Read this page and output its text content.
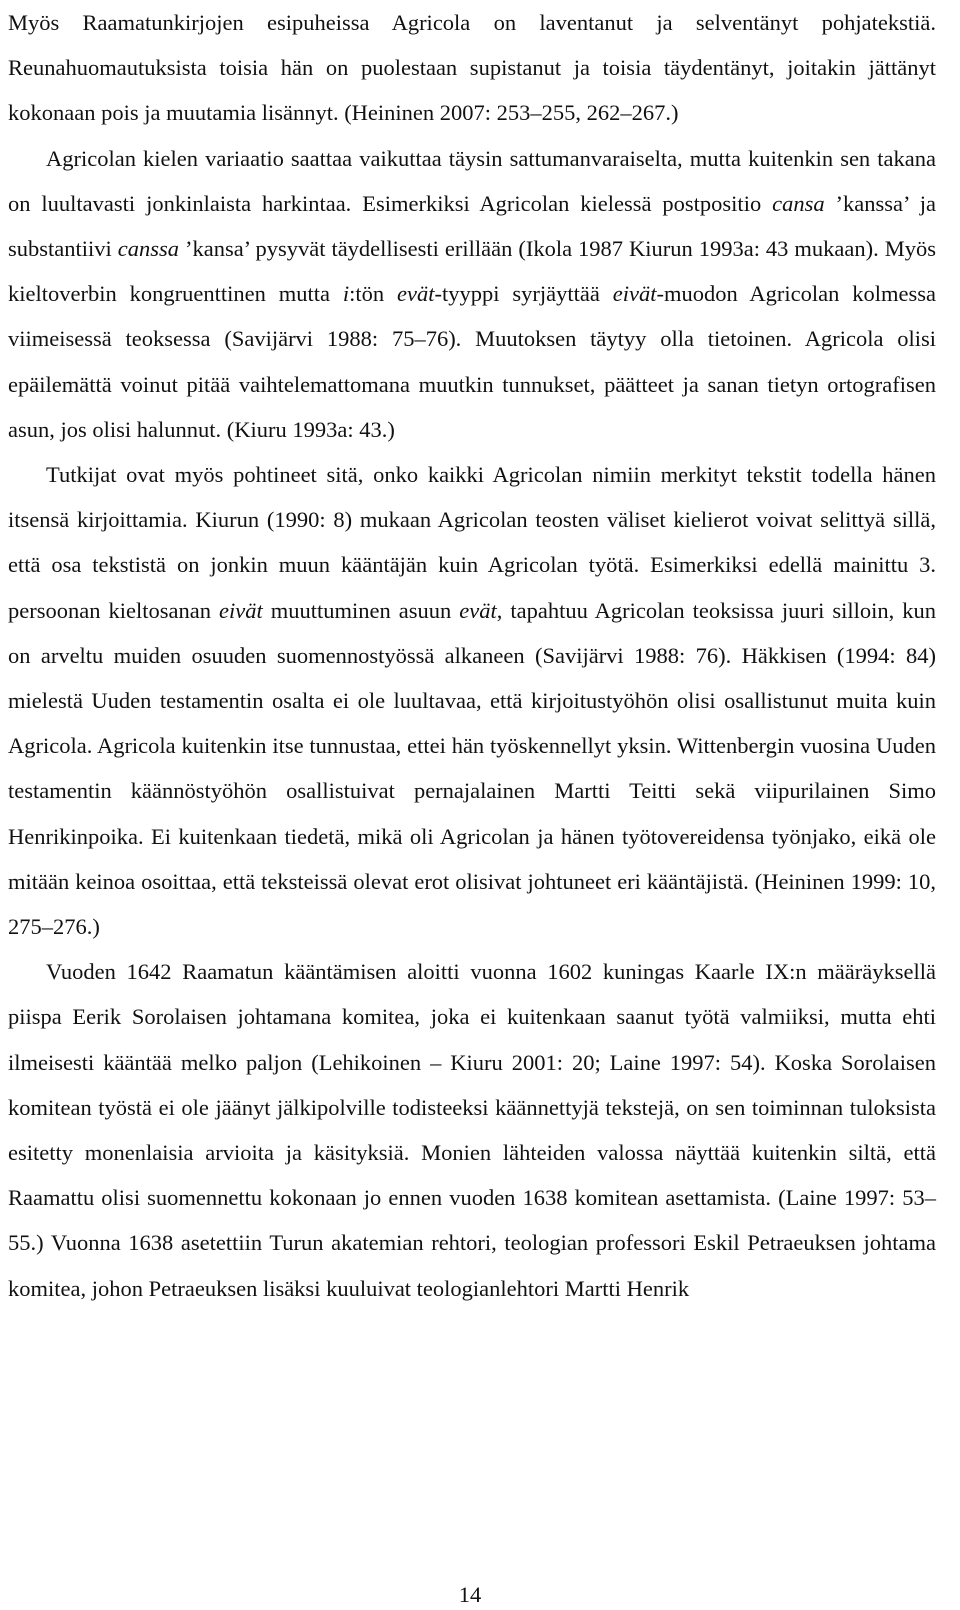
Myös Raamatunkirjojen esipuheissa Agricola on laventanut ja selventänyt pohjatekstiä. Reunahuomautuksista toisia hän on puolestaan supistanut ja toisia täydentänyt, joitakin jättänyt kokonaan pois ja muutamia lisännyt. (Heininen 2007: 253–255, 262–267.)

Agricolan kielen variaatio saattaa vaikuttaa täysin sattumanvaraiselta, mutta kuitenkin sen takana on luultavasti jonkinlaista harkintaa. Esimerkiksi Agricolan kielessä postpositio cansa ’kanssa’ ja substantiivi canssa ’kansa’ pysyvät täydellisesti erillään (Ikola 1987 Kiurun 1993a: 43 mukaan). Myös kieltoverbin kongruenttinen mutta i:tön evät-tyyppi syrjäyttää eivät-muodon Agricolan kolmessa viimeisessä teoksessa (Savijärvi 1988: 75–76). Muutoksen täytyy olla tietoinen. Agricola olisi epäilemättä voinut pitää vaihtelemattomana muutkin tunnukset, päätteet ja sanan tietyn ortografisen asun, jos olisi halunnut. (Kiuru 1993a: 43.)

Tutkijat ovat myös pohtineet sitä, onko kaikki Agricolan nimiin merkityt tekstit todella hänen itsensä kirjoittamia. Kiurun (1990: 8) mukaan Agricolan teosten väliset kielierot voivat selittyä sillä, että osa tekstistä on jonkin muun kääntäjän kuin Agricolan työtä. Esimerkiksi edellä mainittu 3. persoonan kieltosanan eivät muuttuminen asuun evät, tapahtuu Agricolan teoksissa juuri silloin, kun on arveltu muiden osuuden suomennostyössä alkaneen (Savijärvi 1988: 76). Häkkisen (1994: 84) mielestä Uuden testamentin osalta ei ole luultavaa, että kirjoitustyöhön olisi osallistunut muita kuin Agricola. Agricola kuitenkin itse tunnustaa, ettei hän työskennellyt yksin. Wittenbergin vuosina Uuden testamentin käännöstyöhön osallistuivat pernajalainen Martti Teitti sekä viipurilainen Simo Henrikinpoika. Ei kuitenkaan tiedetä, mikä oli Agricolan ja hänen työtovereidensa työnjako, eikä ole mitään keinoa osoittaa, että teksteissä olevat erot olisivat johtuneet eri kääntäjistä. (Heininen 1999: 10, 275–276.)

Vuoden 1642 Raamatun kääntämisen aloitti vuonna 1602 kuningas Kaarle IX:n määräyksellä piispa Eerik Sorolaisen johtamana komitea, joka ei kuitenkaan saanut työtä valmiiksi, mutta ehti ilmeisesti kääntää melko paljon (Lehikoinen – Kiuru 2001: 20; Laine 1997: 54). Koska Sorolaisen komitean työstä ei ole jäänyt jälkipolville todisteeksi käännettyjä tekstejä, on sen toiminnan tuloksista esitetty monenlaisia arvioita ja käsityksiä. Monien lähteiden valossa näyttää kuitenkin siltä, että Raamattu olisi suomennettu kokonaan jo ennen vuoden 1638 komitean asettamista. (Laine 1997: 53–55.) Vuonna 1638 asetettiin Turun akatemian rehtori, teologian professori Eskil Petraeuksen johtama komitea, johon Petraeuksen lisäksi kuuluivat teologianlehtori Martti Henrik

14
